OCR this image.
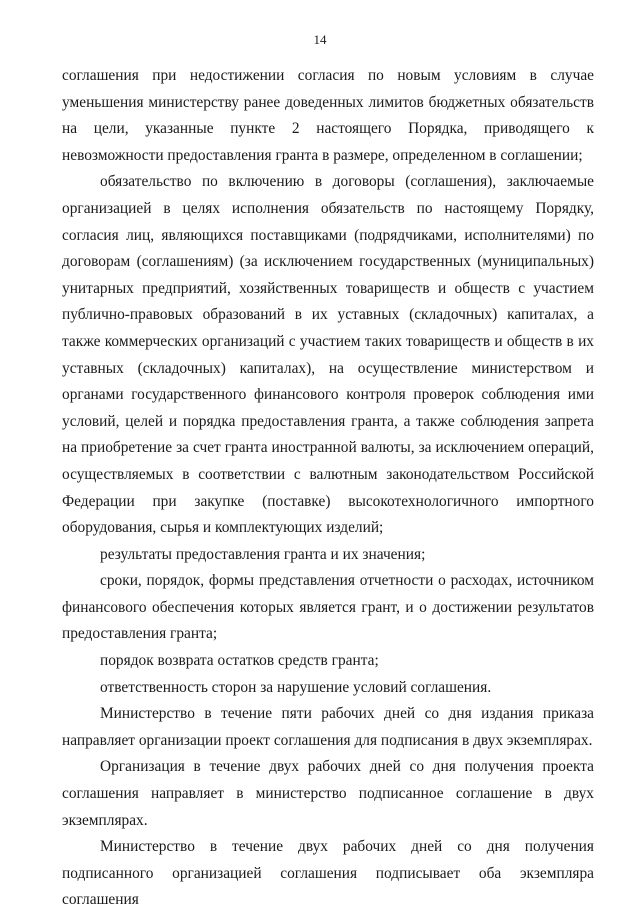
14

соглашения при недостижении согласия по новым условиям в случае уменьшения министерству ранее доведенных лимитов бюджетных обязательств на цели, указанные пункте 2 настоящего Порядка, приводящего к невозможности предоставления гранта в размере, определенном в соглашении;

обязательство по включению в договоры (соглашения), заключаемые организацией в целях исполнения обязательств по настоящему Порядку, согласия лиц, являющихся поставщиками (подрядчиками, исполнителями) по договорам (соглашениям) (за исключением государственных (муниципальных) унитарных предприятий, хозяйственных товариществ и обществ с участием публично-правовых образований в их уставных (складочных) капиталах, а также коммерческих организаций с участием таких товариществ и обществ в их уставных (складочных) капиталах), на осуществление министерством и органами государственного финансового контроля проверок соблюдения ими условий, целей и порядка предоставления гранта, а также соблюдения запрета на приобретение за счет гранта иностранной валюты, за исключением операций, осуществляемых в соответствии с валютным законодательством Российской Федерации при закупке (поставке) высокотехнологичного импортного оборудования, сырья и комплектующих изделий;

результаты предоставления гранта и их значения;

сроки, порядок, формы представления отчетности о расходах, источником финансового обеспечения которых является грант, и о достижении результатов предоставления гранта;

порядок возврата остатков средств гранта;

ответственность сторон за нарушение условий соглашения.

Министерство в течение пяти рабочих дней со дня издания приказа направляет организации проект соглашения для подписания в двух экземплярах.

Организация в течение двух рабочих дней со дня получения проекта соглашения направляет в министерство подписанное соглашение в двух экземплярах.

Министерство в течение двух рабочих дней со дня получения подписанного организацией соглашения подписывает оба экземпляра соглашения
